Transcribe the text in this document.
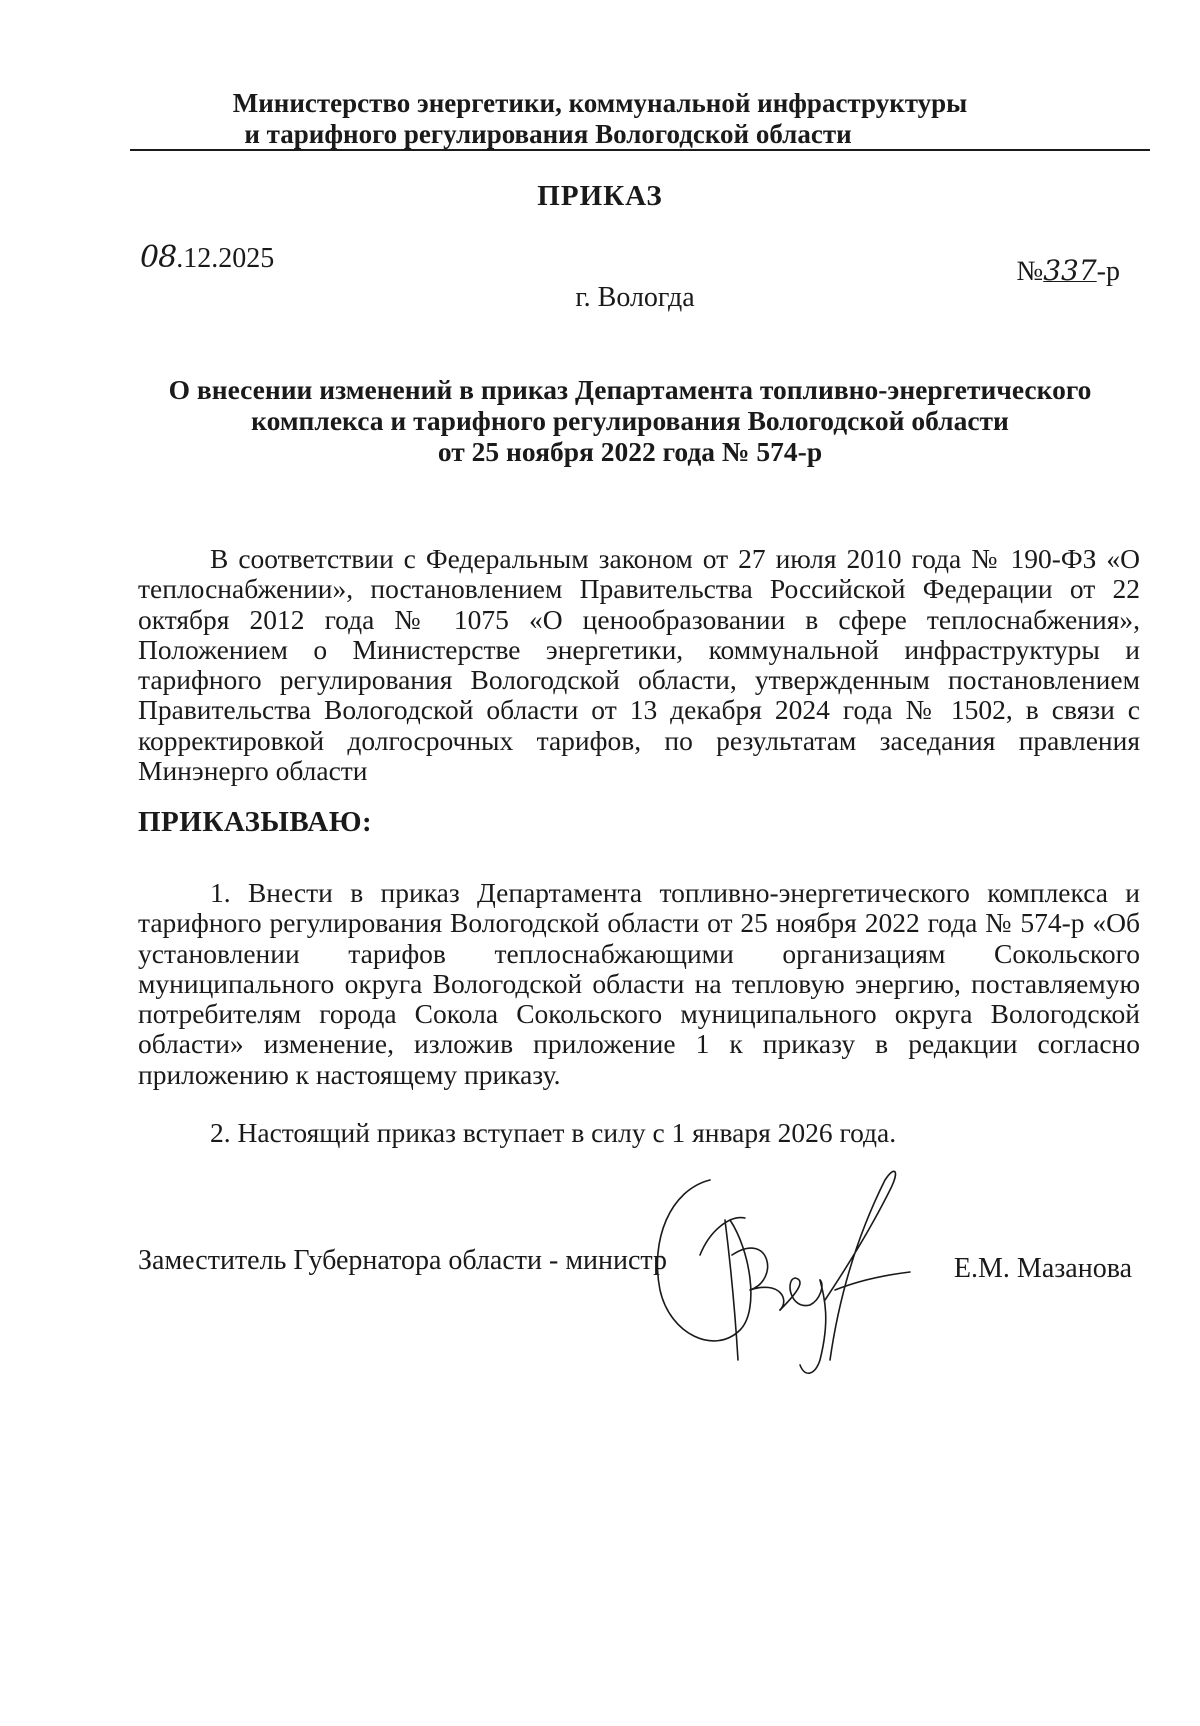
Министерство энергетики, коммунальной инфраструктуры
и тарифного регулирования Вологодской области
ПРИКАЗ
08.12.2025	№337-р
г. Вологда
О внесении изменений в приказ Департамента топливно-энергетического
комплекса и тарифного регулирования Вологодской области
от 25 ноября 2022 года № 574-р

В соответствии с Федеральным законом от 27 июля 2010 года № 190-ФЗ «О теплоснабжении», постановлением Правительства Российской Федерации от 22 октября 2012 года № 1075 «О ценообразовании в сфере теплоснабжения», Положением о Министерстве энергетики, коммунальной инфраструктуры и тарифного регулирования Вологодской области, утвержденным постановлением Правительства Вологодской области от 13 декабря 2024 года № 1502, в связи с корректировкой долгосрочных тарифов, по результатам заседания правления Минэнерго области

ПРИКАЗЫВАЮ:

1. Внести в приказ Департамента топливно-энергетического комплекса и тарифного регулирования Вологодской области от 25 ноября 2022 года № 574-р «Об установлении тарифов теплоснабжающими организациям Сокольского муниципального округа Вологодской области на тепловую энергию, поставляемую потребителям города Сокола Сокольского муниципального округа Вологодской области» изменение, изложив приложение 1 к приказу в редакции согласно приложению к настоящему приказу.

2. Настоящий приказ вступает в силу с 1 января 2026 года.

Заместитель Губернатора области - министр	Е.М. Мазанова
